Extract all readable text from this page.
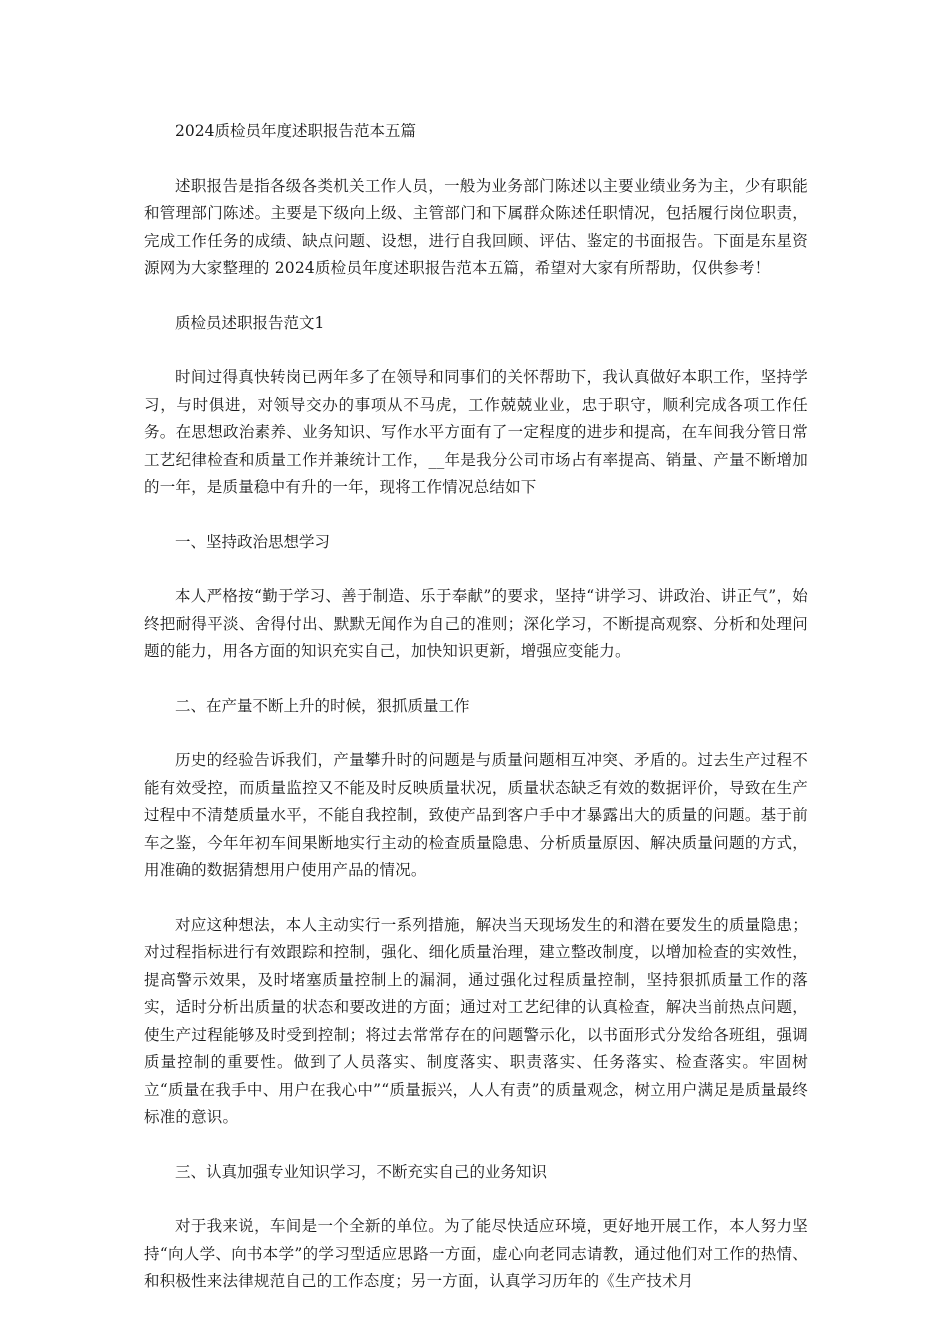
2024质检员年度述职报告范本五篇

述职报告是指各级各类机关工作人员，一般为业务部门陈述以主要业绩业务为主，少有职能和管理部门陈述。主要是下级向上级、主管部门和下属群众陈述任职情况，包括履行岗位职责，完成工作任务的成绩、缺点问题、设想，进行自我回顾、评估、鉴定的书面报告。下面是东星资源网为大家整理的 2024质检员年度述职报告范本五篇，希望对大家有所帮助，仅供参考！

质检员述职报告范文1

时间过得真快转岗已两年多了在领导和同事们的关怀帮助下，我认真做好本职工作，坚持学习，与时俱进，对领导交办的事项从不马虎，工作兢兢业业，忠于职守，顺利完成各项工作任务。在思想政治素养、业务知识、写作水平方面有了一定程度的进步和提高，在车间我分管日常工艺纪律检查和质量工作并兼统计工作，__年是我分公司市场占有率提高、销量、产量不断增加的一年，是质量稳中有升的一年，现将工作情况总结如下

一、坚持政治思想学习

本人严格按“勤于学习、善于制造、乐于奉献”的要求，坚持“讲学习、讲政治、讲正气”，始终把耐得平淡、舍得付出、默默无闻作为自己的准则；深化学习，不断提高观察、分析和处理问题的能力，用各方面的知识充实自己，加快知识更新，增强应变能力。

二、在产量不断上升的时候，狠抓质量工作

历史的经验告诉我们，产量攀升时的问题是与质量问题相互冲突、矛盾的。过去生产过程不能有效受控，而质量监控又不能及时反映质量状况，质量状态缺乏有效的数据评价，导致在生产过程中不清楚质量水平，不能自我控制，致使产品到客户手中才暴露出大的质量的问题。基于前车之鉴，今年年初车间果断地实行主动的检查质量隐患、分析质量原因、解决质量问题的方式，用准确的数据猜想用户使用产品的情况。

对应这种想法，本人主动实行一系列措施，解决当天现场发生的和潜在要发生的质量隐患；对过程指标进行有效跟踪和控制，强化、细化质量治理，建立整改制度，以增加检查的实效性，提高警示效果，及时堵塞质量控制上的漏洞，通过强化过程质量控制，坚持狠抓质量工作的落实，适时分析出质量的状态和要改进的方面；通过对工艺纪律的认真检查，解决当前热点问题，使生产过程能够及时受到控制；将过去常常存在的问题警示化，以书面形式分发给各班组，强调质量控制的重要性。做到了人员落实、制度落实、职责落实、任务落实、检查落实。牢固树立“质量在我手中、用户在我心中”“质量振兴，人人有责”的质量观念，树立用户满足是质量最终标准的意识。

三、认真加强专业知识学习，不断充实自己的业务知识

对于我来说，车间是一个全新的单位。为了能尽快适应环境，更好地开展工作，本人努力坚持“向人学、向书本学”的学习型适应思路一方面，虚心向老同志请教，通过他们对工作的热情、和积极性来法律规范自己的工作态度；另一方面，认真学习历年的《生产技术月
